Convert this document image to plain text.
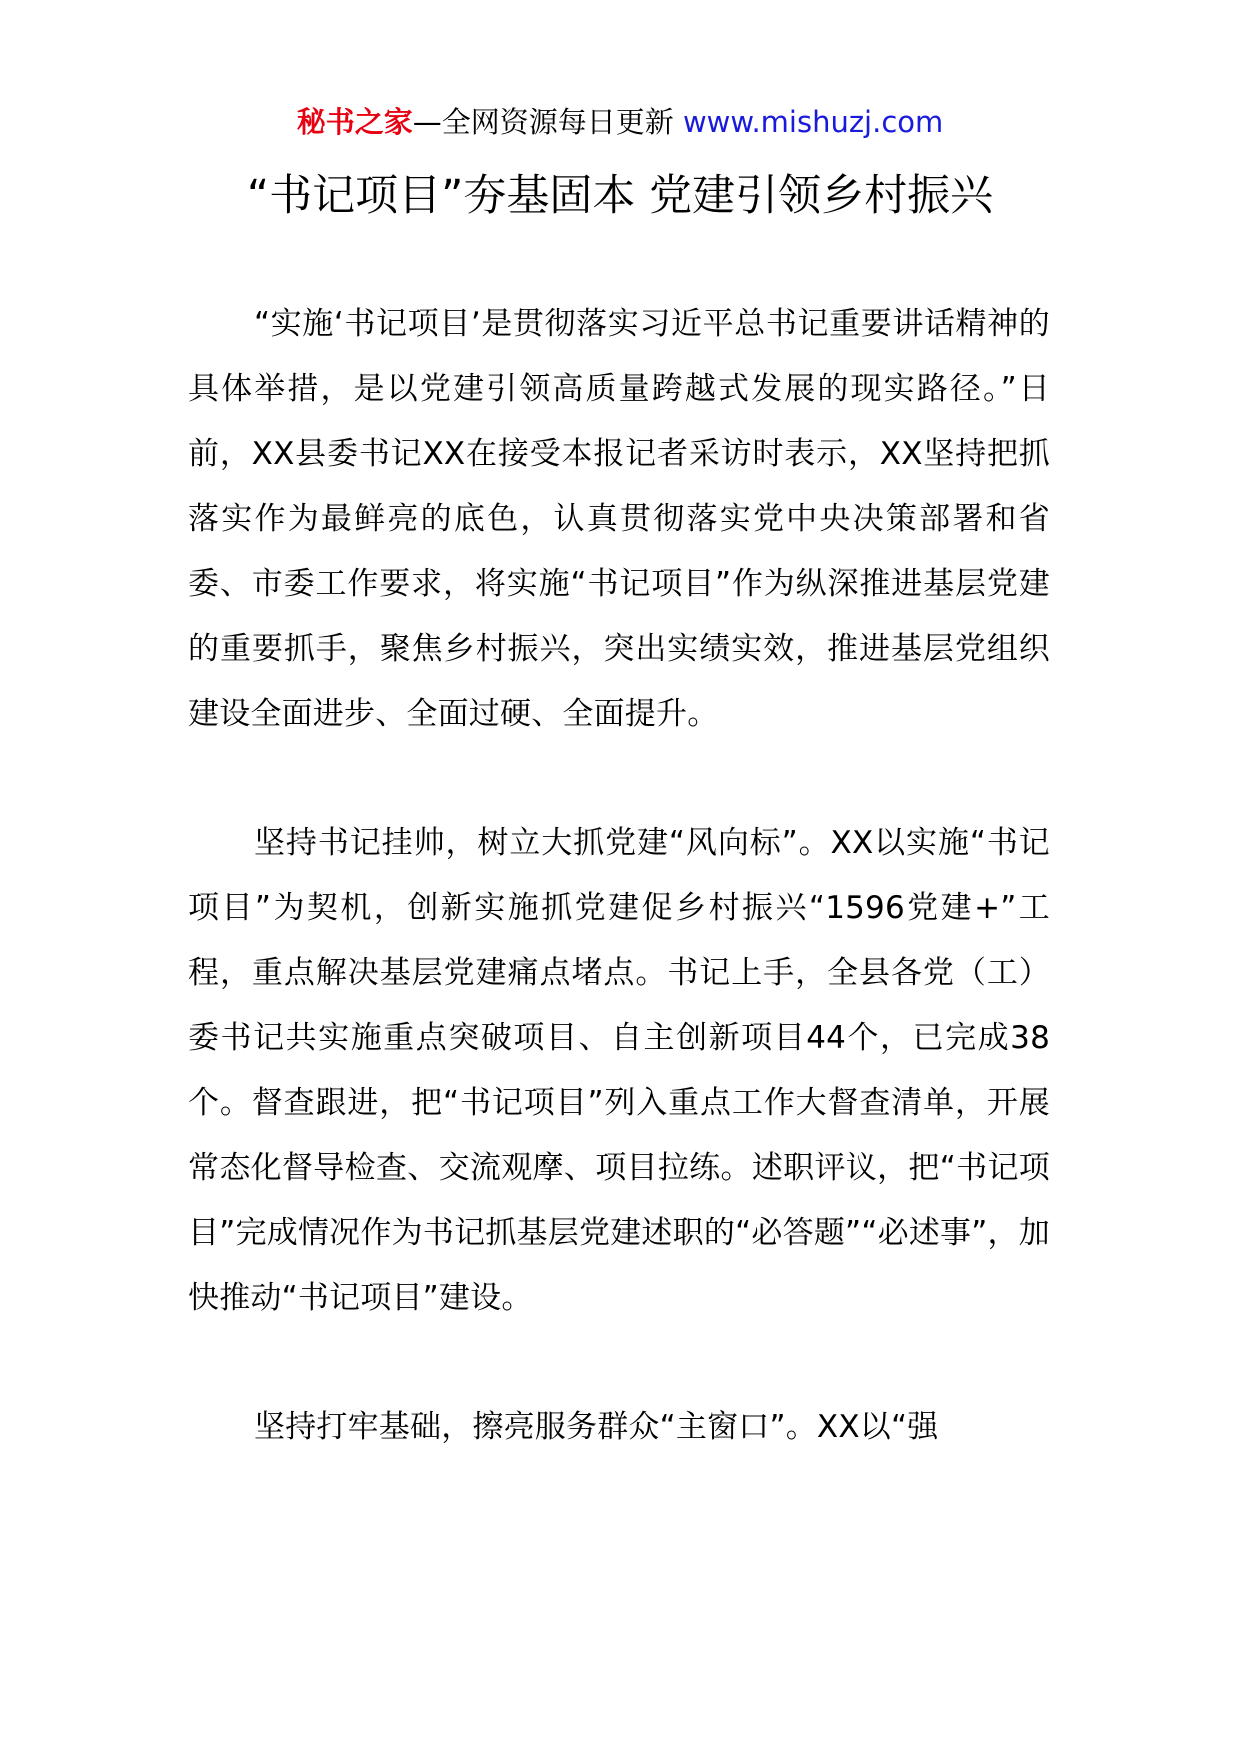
秘书之家—全网资源每日更新 www.mishuzj.com
“书记项目”夯基固本 党建引领乡村振兴

“实施‘书记项目’是贯彻落实习近平总书记重要讲话精神的具体举措，是以党建引领高质量跨越式发展的现实路径。”日前，XX县委书记XX在接受本报记者采访时表示，XX坚持把抓落实作为最鲜亮的底色，认真贯彻落实党中央决策部署和省委、市委工作要求，将实施“书记项目”作为纵深推进基层党建的重要抓手，聚焦乡村振兴，突出实绩实效，推进基层党组织建设全面进步、全面过硬、全面提升。

坚持书记挂帅，树立大抓党建“风向标”。XX以实施“书记项目”为契机，创新实施抓党建促乡村振兴“1596党建+”工程，重点解决基层党建痛点堵点。书记上手，全县各党（工）委书记共实施重点突破项目、自主创新项目44个，已完成38个。督查跟进，把“书记项目”列入重点工作大督查清单，开展常态化督导检查、交流观摩、项目拉练。述职评议，把“书记项目”完成情况作为书记抓基层党建述职的“必答题”“必述事”，加快推动“书记项目”建设。

坚持打牢基础，擦亮服务群众“主窗口”。XX以“强
